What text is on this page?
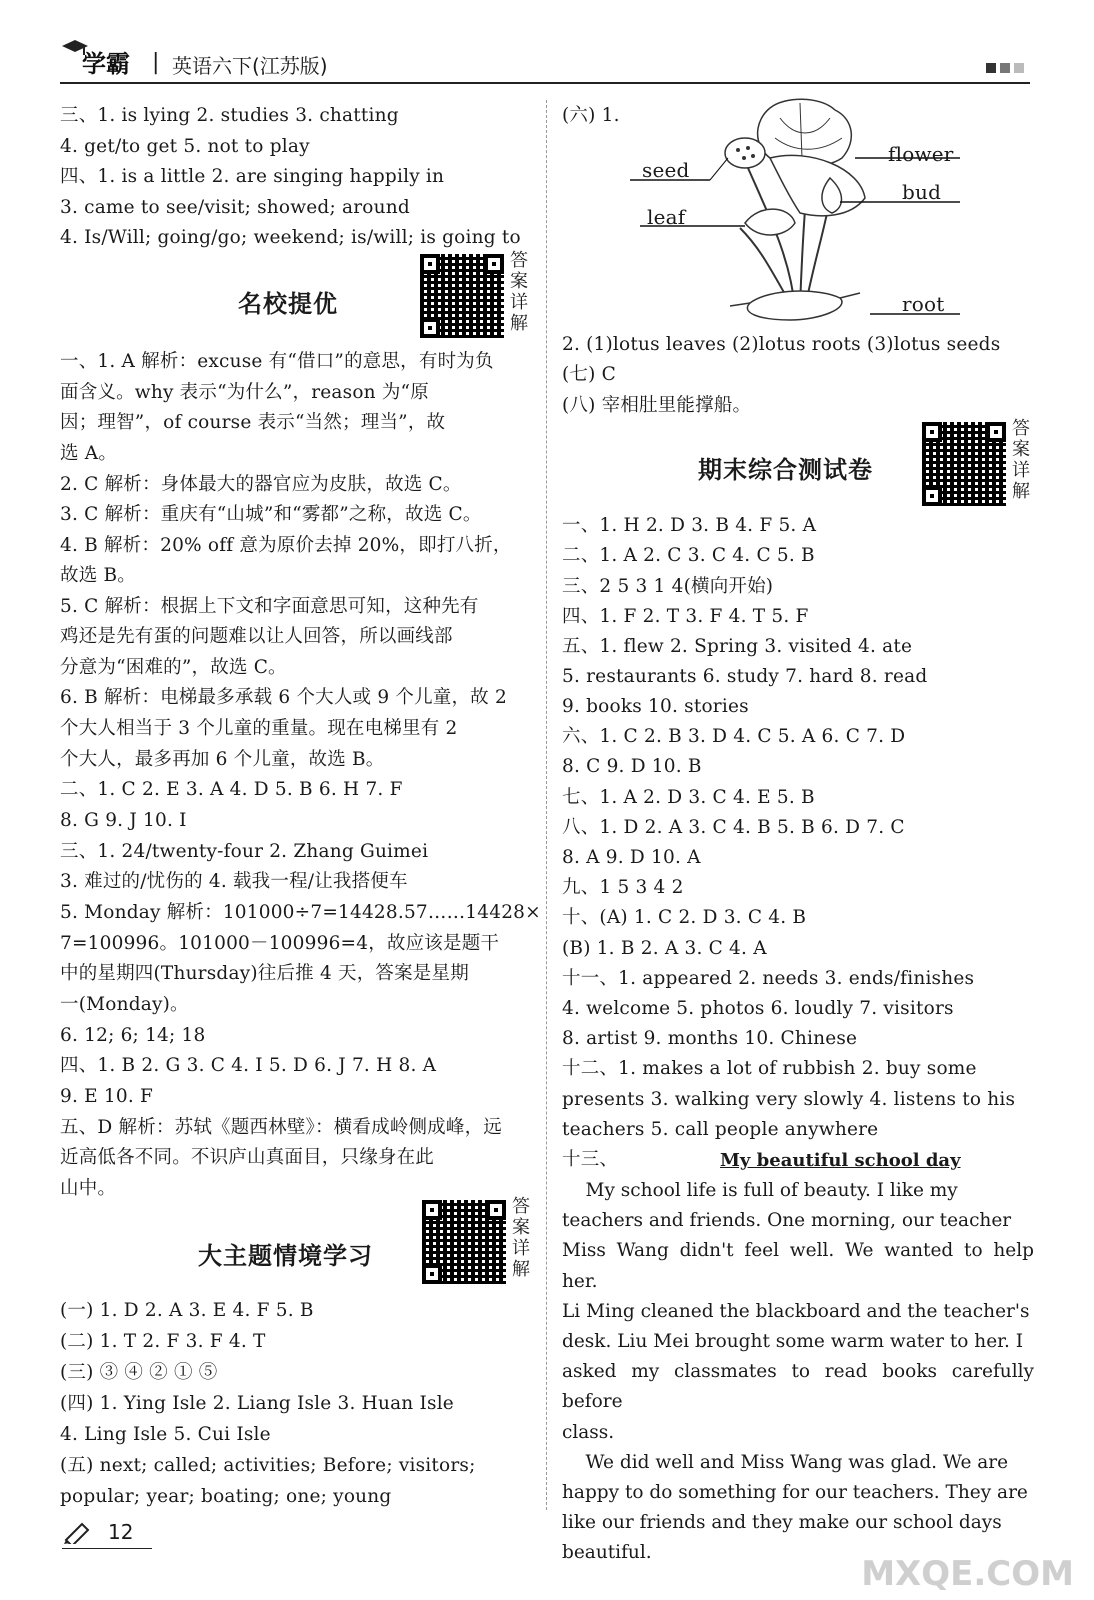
学霸 | 英语六下(江苏版)
三、1. is lying 2. studies 3. chatting
4. get/to get 5. not to play
四、1. is a little 2. are singing happily in
3. came to see/visit; showed; around
4. Is/Will; going/go; weekend; is/will; is going to
名校提优
答案详解
一、1. A 解析：excuse 有“借口”的意思，有时为负
面含义。why 表示“为什么”，reason 为“原
因；理智”，of course 表示“当然；理当”，故
选 A。
2. C 解析：身体最大的器官应为皮肤，故选 C。
3. C 解析：重庆有“山城”和“雾都”之称，故选 C。
4. B 解析：20% off 意为原价去掉 20%，即打八折，
故选 B。
5. C 解析：根据上下文和字面意思可知，这种先有
鸡还是先有蛋的问题难以让人回答，所以画线部
分意为“困难的”，故选 C。
6. B 解析：电梯最多承载 6 个大人或 9 个儿童，故 2
个大人相当于 3 个儿童的重量。现在电梯里有 2
个大人，最多再加 6 个儿童，故选 B。
二、1. C 2. E 3. A 4. D 5. B 6. H 7. F
8. G 9. J 10. I
三、1. 24/twenty-four 2. Zhang Guimei
3. 难过的/忧伤的 4. 载我一程/让我搭便车
5. Monday 解析：101000÷7=14428.57……14428×
7=100996。101000－100996=4，故应该是题干
中的星期四(Thursday)往后推 4 天，答案是星期
一(Monday)。
6. 12; 6; 14; 18
四、1. B 2. G 3. C 4. I 5. D 6. J 7. H 8. A
9. E 10. F
五、D 解析：苏轼《题西林壁》：横看成岭侧成峰，远
近高低各不同。不识庐山真面目，只缘身在此
山中。
大主题情境学习
答案详解
(一) 1. D 2. A 3. E 4. F 5. B
(二) 1. T 2. F 3. F 4. T
(三) ③ ④ ② ① ⑤
(四) 1. Ying Isle 2. Liang Isle 3. Huan Isle
4. Ling Isle 5. Cui Isle
(五) next; called; activities; Before; visitors;
popular; year; boating; one; young
(六) 1.
seed
leaf
flower
bud
root
2. (1)lotus leaves (2)lotus roots (3)lotus seeds
(七) C
(八) 宰相肚里能撑船。
期末综合测试卷
答案详解
一、1. H 2. D 3. B 4. F 5. A
二、1. A 2. C 3. C 4. C 5. B
三、2 5 3 1 4(横向开始)
四、1. F 2. T 3. F 4. T 5. F
五、1. flew 2. Spring 3. visited 4. ate
5. restaurants 6. study 7. hard 8. read
9. books 10. stories
六、1. C 2. B 3. D 4. C 5. A 6. C 7. D
8. C 9. D 10. B
七、1. A 2. D 3. C 4. E 5. B
八、1. D 2. A 3. C 4. B 5. B 6. D 7. C
8. A 9. D 10. A
九、1 5 3 4 2
十、(A) 1. C 2. D 3. C 4. B
(B) 1. B 2. A 3. C 4. A
十一、1. appeared 2. needs 3. ends/finishes
4. welcome 5. photos 6. loudly 7. visitors
8. artist 9. months 10. Chinese
十二、1. makes a lot of rubbish 2. buy some
presents 3. walking very slowly 4. listens to his
teachers 5. call people anywhere
十三、	My beautiful school day
My school life is full of beauty. I like my
teachers and friends. One morning, our teacher
Miss Wang didn't feel well. We wanted to help her.
Li Ming cleaned the blackboard and the teacher's
desk. Liu Mei brought some warm water to her. I
asked my classmates to read books carefully before
class.
We did well and Miss Wang was glad. We are
happy to do something for our teachers. They are
like our friends and they make our school days
beautiful.
12
MXQE.COM
